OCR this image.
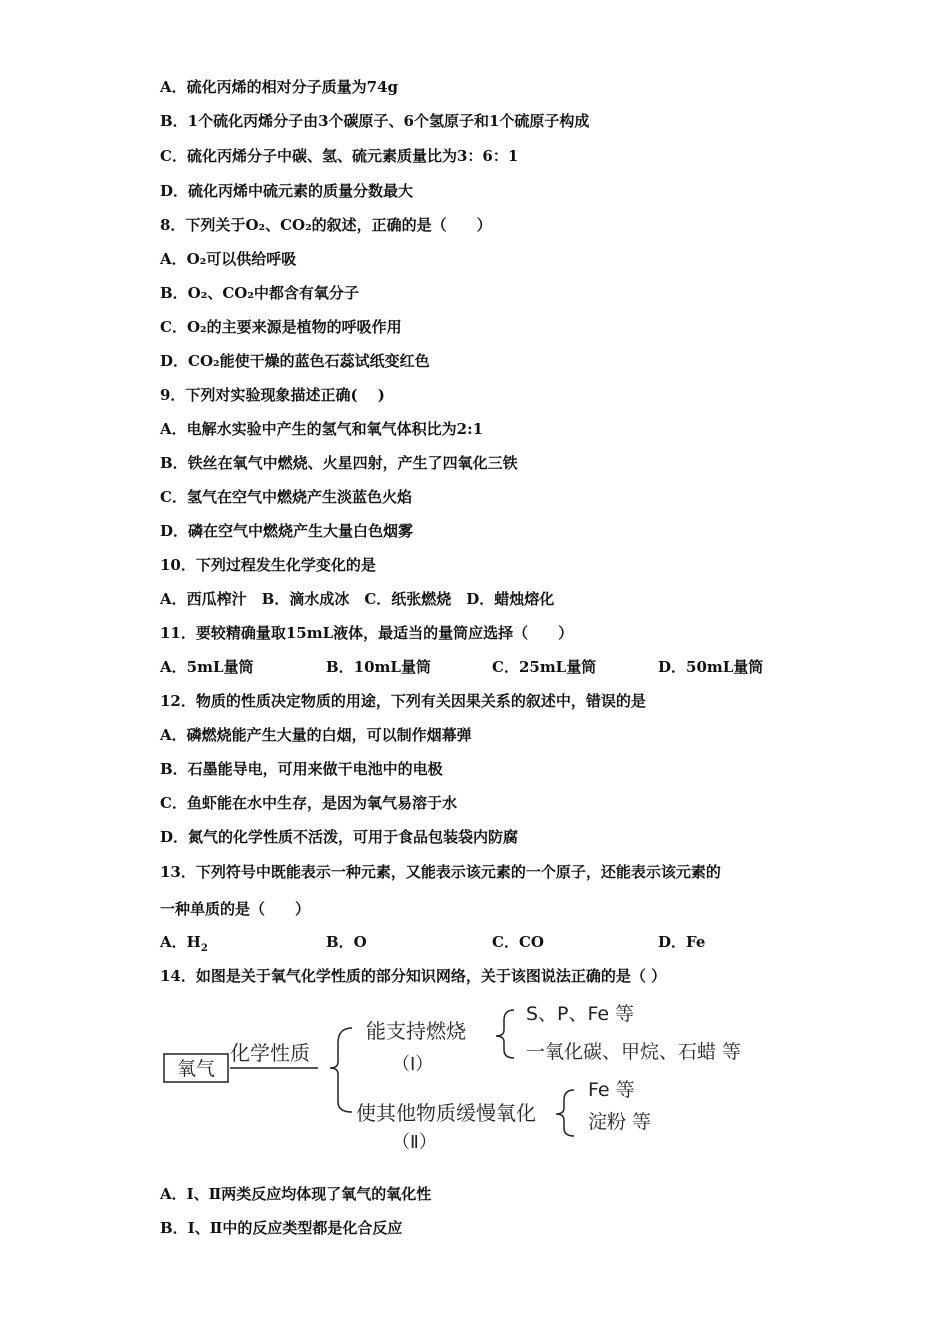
A．硫化丙烯的相对分子质量为74g
B．1个硫化丙烯分子由3个碳原子、6个氢原子和1个硫原子构成
C．硫化丙烯分子中碳、氢、硫元素质量比为3：6：1
D．硫化丙烯中硫元素的质量分数最大
8．下列关于O₂、CO₂的叙述，正确的是（　　）
A．O₂可以供给呼吸
B．O₂、CO₂中都含有氧分子
C．O₂的主要来源是植物的呼吸作用
D．CO₂能使干燥的蓝色石蕊试纸变红色
9．下列对实验现象描述正确(　 )
A．电解水实验中产生的氢气和氧气体积比为2:1
B．铁丝在氧气中燃烧、火星四射，产生了四氧化三铁
C．氢气在空气中燃烧产生淡蓝色火焰
D．磷在空气中燃烧产生大量白色烟雾
10．下列过程发生化学变化的是
A．西瓜榨汁　B．滴水成冰　C．纸张燃烧　D．蜡烛熔化
11．要较精确量取15mL液体，最适当的量筒应选择（　　）
A．5mL量筒	B．10mL量筒	C．25mL量筒	D．50mL量筒
12．物质的性质决定物质的用途，下列有关因果关系的叙述中，错误的是
A．磷燃烧能产生大量的白烟，可以制作烟幕弹
B．石墨能导电，可用来做干电池中的电极
C．鱼虾能在水中生存，是因为氧气易溶于水
D．氮气的化学性质不活泼，可用于食品包装袋内防腐
13．下列符号中既能表示一种元素，又能表示该元素的一个原子，还能表示该元素的
一种单质的是（　　）
A．$H_2$	B．O	C．CO	D．Fe
14．如图是关于氧气化学性质的部分知识网络，关于该图说法正确的是（ ）
氧气
化学性质
能支持燃烧
（Ⅰ）
S、P、Fe 等
一氧化碳、甲烷、石蜡 等
使其他物质缓慢氧化
（Ⅱ）
Fe 等
淀粉 等
A．Ⅰ、Ⅱ两类反应均体现了氧气的氧化性
B．Ⅰ、Ⅱ中的反应类型都是化合反应
